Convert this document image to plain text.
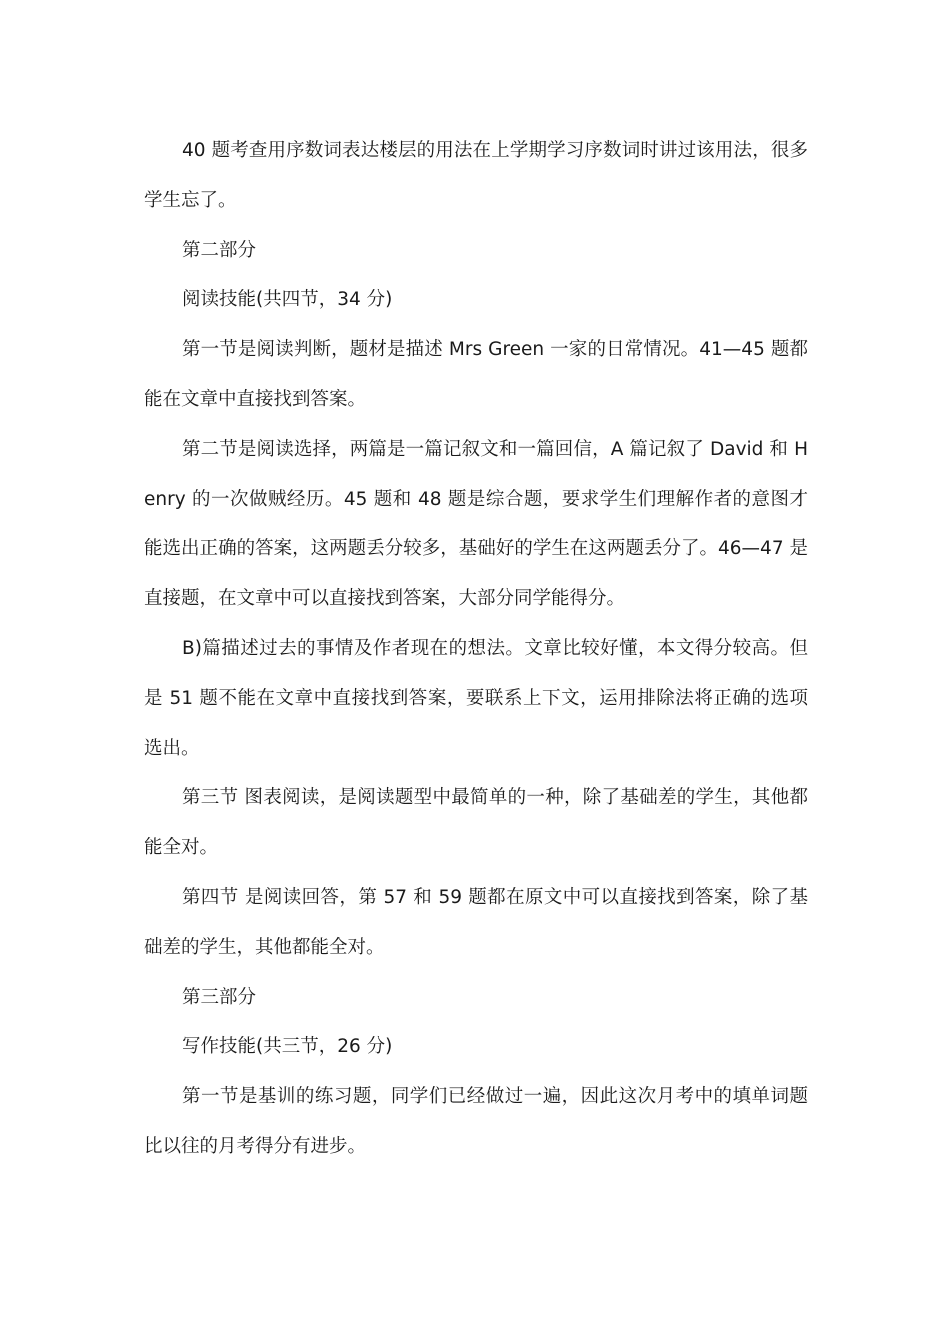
40 题考查用序数词表达楼层的用法在上学期学习序数词时讲过该用法，很多学生忘了。

第二部分

阅读技能(共四节，34 分)

第一节是阅读判断，题材是描述 Mrs Green 一家的日常情况。41—45 题都能在文章中直接找到答案。

第二节是阅读选择，两篇是一篇记叙文和一篇回信，A 篇记叙了 David 和 Henry 的一次做贼经历。45 题和 48 题是综合题，要求学生们理解作者的意图才能选出正确的答案，这两题丢分较多，基础好的学生在这两题丢分了。46—47 是直接题，在文章中可以直接找到答案，大部分同学能得分。

B)篇描述过去的事情及作者现在的想法。文章比较好懂，本文得分较高。但是 51 题不能在文章中直接找到答案，要联系上下文，运用排除法将正确的选项选出。

第三节 图表阅读，是阅读题型中最简单的一种，除了基础差的学生，其他都能全对。

第四节 是阅读回答，第 57 和 59 题都在原文中可以直接找到答案，除了基础差的学生，其他都能全对。

第三部分

写作技能(共三节，26 分)

第一节是基训的练习题，同学们已经做过一遍，因此这次月考中的填单词题比以往的月考得分有进步。
